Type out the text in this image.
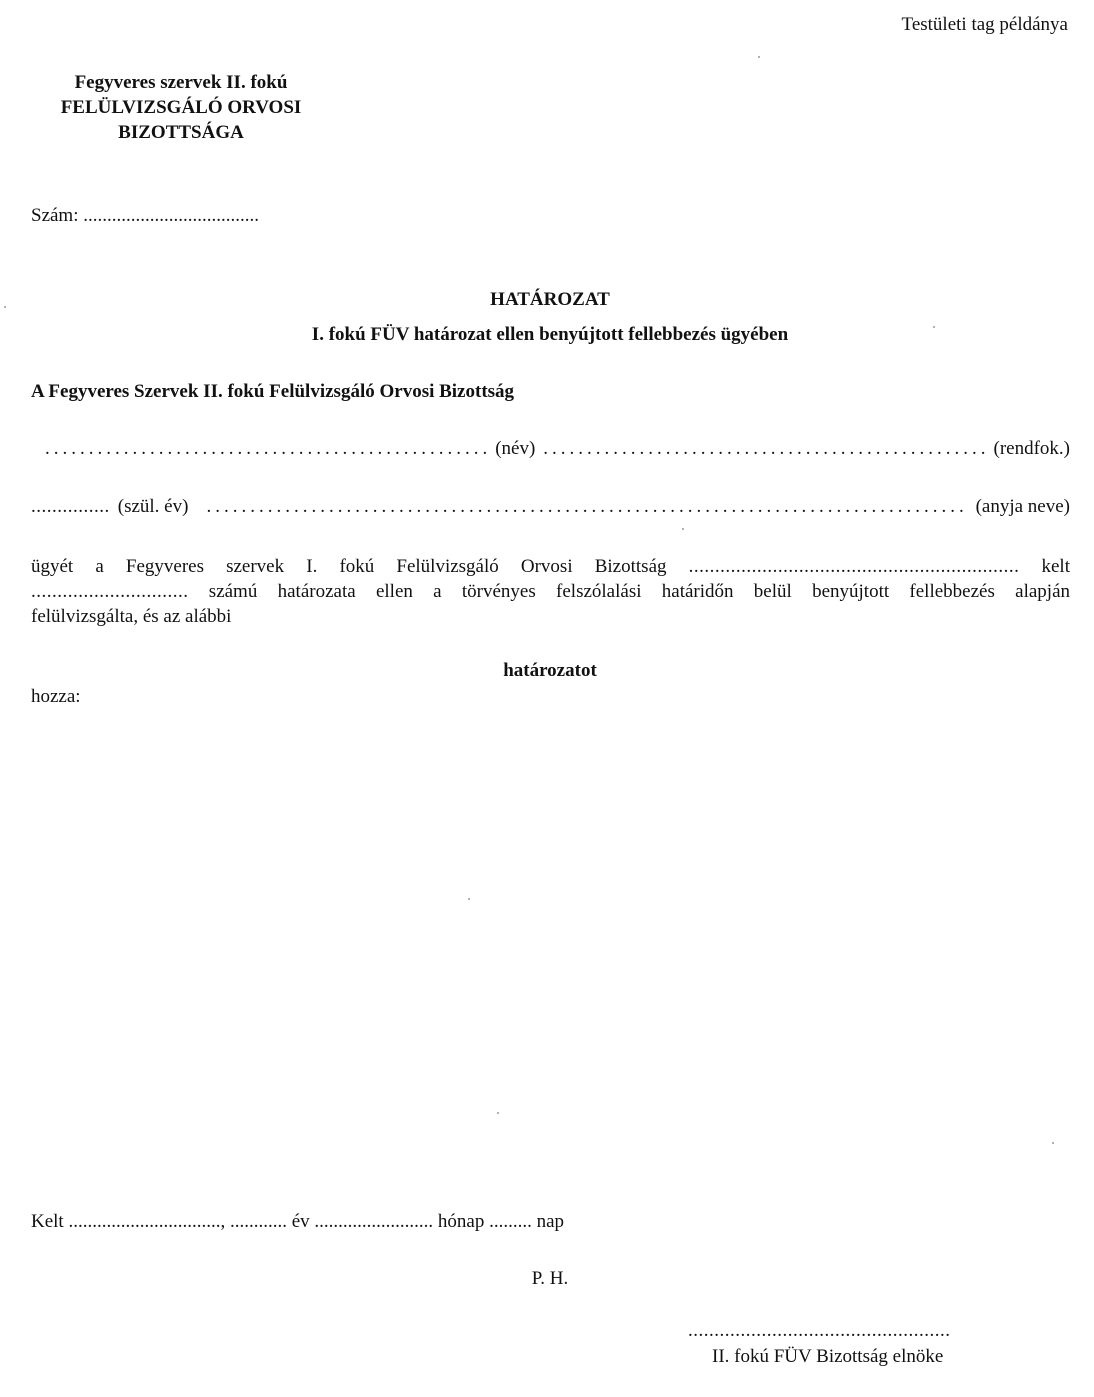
Testületi tag példánya
Fegyveres szervek II. fokú
FELÜLVIZSGÁLÓ ORVOSI
BIZOTTSÁGA
Szám: .....................................
HATÁROZAT
I. fokú FÜV határozat ellen benyújtott fellebbezés ügyében
A Fegyveres Szervek II. fokú Felülvizsgáló Orvosi Bizottság
.....
(név) .....	(rendfok.)
............... (szül. év) .....	(anyja neve)
ügyét a Fegyveres szervek I. fokú Felülvizsgáló Orvosi Bizottság ............................................................... kelt
.............................. számú határozata ellen a törvényes felszólalási határidőn belül benyújtott fellebbezés alapján
felülvizsgálta, és az alábbi
határozatot
hozza:
Kelt ................................, ............ év ......................... hónap ......... nap
P. H.
..................................................
II. fokú FÜV Bizottság elnöke
